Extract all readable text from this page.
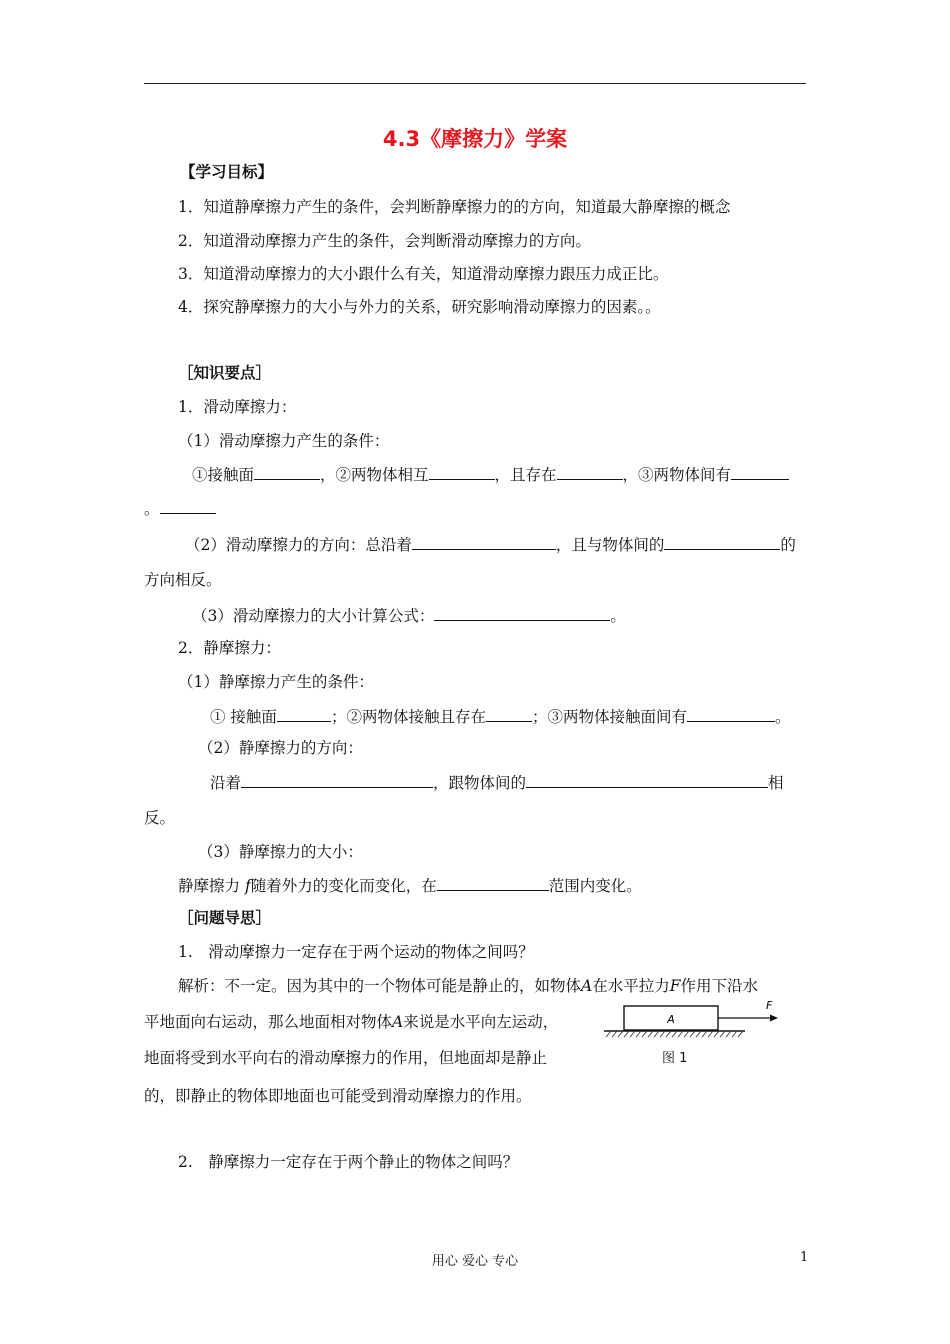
4.3《摩擦力》学案
【学习目标】
1．知道静摩擦力产生的条件，会判断静摩擦力的的方向，知道最大静摩擦的概念
2．知道滑动摩擦力产生的条件，会判断滑动摩擦力的方向。
3．知道滑动摩擦力的大小跟什么有关，知道滑动摩擦力跟压力成正比。
4．探究静摩擦力的大小与外力的关系，研究影响滑动摩擦力的因素。。
［知识要点］
1．滑动摩擦力：
（1）滑动摩擦力产生的条件：
①接触面	，②两物体相互	，且存在	，③两物体间有
。
（2）滑动摩擦力的方向：总沿着	，且与物体间的	的
方向相反。
（3）滑动摩擦力的大小计算公式：	。
2．静摩擦力：
（1）静摩擦力产生的条件：
① 接触面	；②两物体接触且存在	；③两物体接触面间有	。
（2）静摩擦力的方向：
沿着	，跟物体间的	相
反。
（3）静摩擦力的大小：
静摩擦力 f随着外力的变化而变化，在	范围内变化。
［问题导思］
1.　滑动摩擦力一定存在于两个运动的物体之间吗？
解析：不一定。因为其中的一个物体可能是静止的，如物体A在水平拉力F作用下沿水
平地面向右运动，那么地面相对物体A来说是水平向左运动，
地面将受到水平向右的滑动摩擦力的作用，但地面却是静止
的，即静止的物体即地面也可能受到滑动摩擦力的作用。
A
F
图 1
2.　静摩擦力一定存在于两个静止的物体之间吗？
用心 爱心 专心	1
